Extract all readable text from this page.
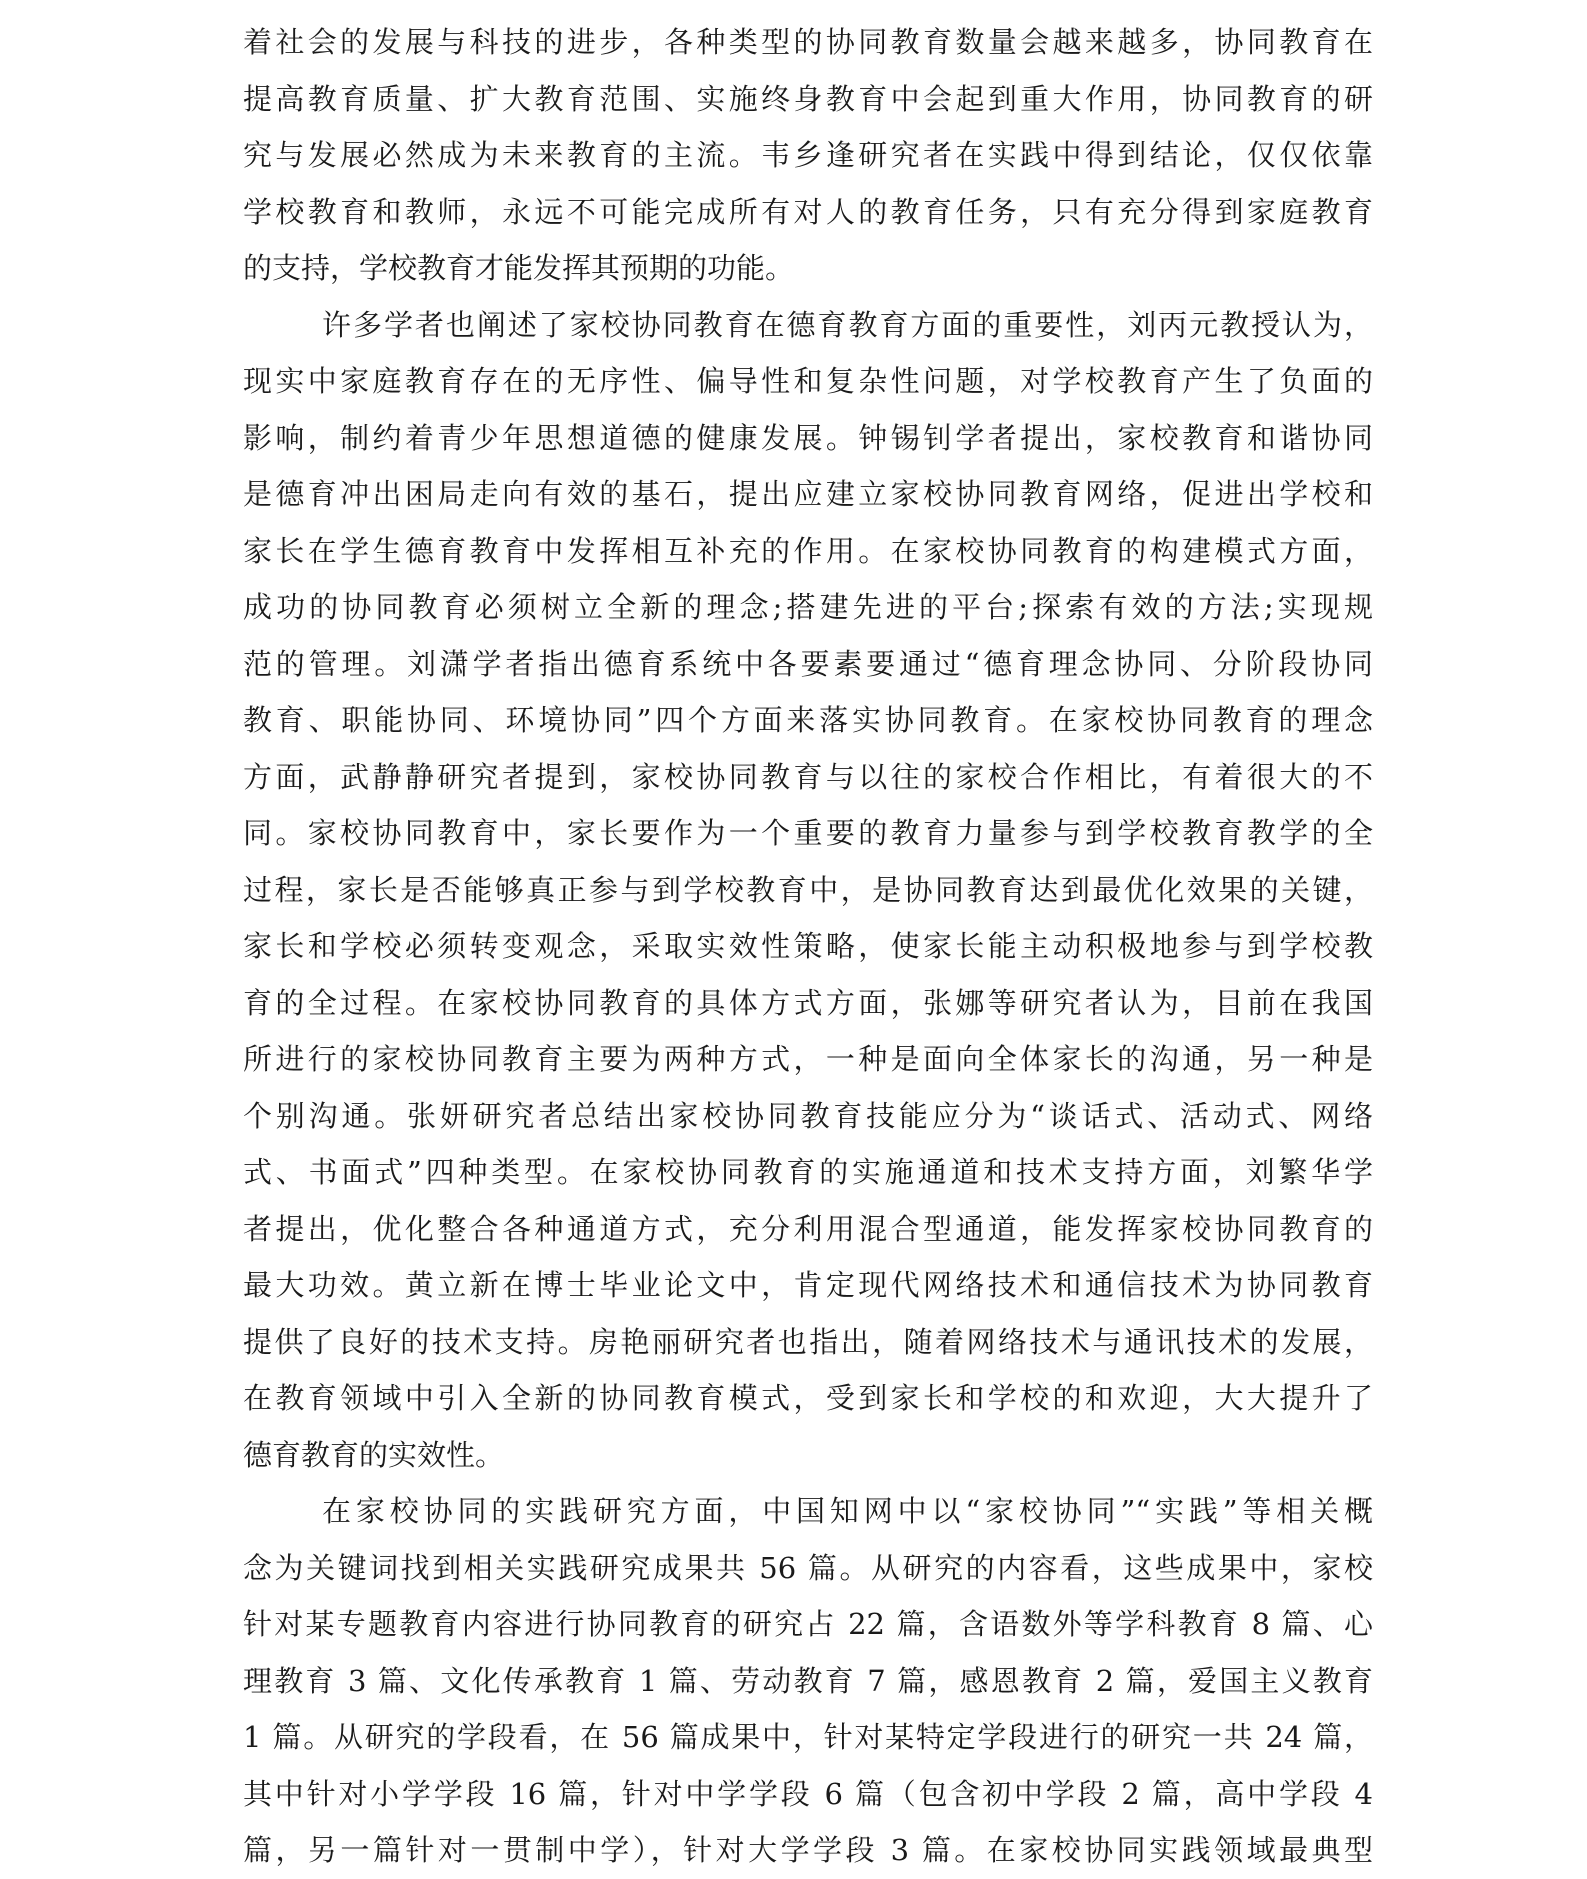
着社会的发展与科技的进步，各种类型的协同教育数量会越来越多，协同教育在
提高教育质量、扩大教育范围、实施终身教育中会起到重大作用，协同教育的研
究与发展必然成为未来教育的主流。韦乡逢研究者在实践中得到结论，仅仅依靠
学校教育和教师，永远不可能完成所有对人的教育任务，只有充分得到家庭教育
的支持，学校教育才能发挥其预期的功能。
许多学者也阐述了家校协同教育在德育教育方面的重要性，刘丙元教授认为，
现实中家庭教育存在的无序性、偏导性和复杂性问题，对学校教育产生了负面的
影响，制约着青少年思想道德的健康发展。钟锡钊学者提出，家校教育和谐协同
是德育冲出困局走向有效的基石，提出应建立家校协同教育网络，促进出学校和
家长在学生德育教育中发挥相互补充的作用。在家校协同教育的构建模式方面，
成功的协同教育必须树立全新的理念;搭建先进的平台;探索有效的方法;实现规
范的管理。刘潇学者指出德育系统中各要素要通过“德育理念协同、分阶段协同
教育、职能协同、环境协同”四个方面来落实协同教育。在家校协同教育的理念
方面，武静静研究者提到，家校协同教育与以往的家校合作相比，有着很大的不
同。家校协同教育中，家长要作为一个重要的教育力量参与到学校教育教学的全
过程，家长是否能够真正参与到学校教育中，是协同教育达到最优化效果的关键，
家长和学校必须转变观念，采取实效性策略，使家长能主动积极地参与到学校教
育的全过程。在家校协同教育的具体方式方面，张娜等研究者认为，目前在我国
所进行的家校协同教育主要为两种方式，一种是面向全体家长的沟通，另一种是
个别沟通。张妍研究者总结出家校协同教育技能应分为“谈话式、活动式、网络
式、书面式”四种类型。在家校协同教育的实施通道和技术支持方面，刘繁华学
者提出，优化整合各种通道方式，充分利用混合型通道，能发挥家校协同教育的
最大功效。黄立新在博士毕业论文中，肯定现代网络技术和通信技术为协同教育
提供了良好的技术支持。房艳丽研究者也指出，随着网络技术与通讯技术的发展，
在教育领域中引入全新的协同教育模式，受到家长和学校的和欢迎，大大提升了
德育教育的实效性。
在家校协同的实践研究方面，中国知网中以“家校协同”“实践”等相关概
念为关键词找到相关实践研究成果共 56 篇。从研究的内容看，这些成果中，家校
针对某专题教育内容进行协同教育的研究占 22 篇，含语数外等学科教育 8 篇、心
理教育 3 篇、文化传承教育 1 篇、劳动教育 7 篇，感恩教育 2 篇，爱国主义教育
1 篇。从研究的学段看，在 56 篇成果中，针对某特定学段进行的研究一共 24 篇，
其中针对小学学段 16 篇，针对中学学段 6 篇（包含初中学段 2 篇，高中学段 4
篇，另一篇针对一贯制中学），针对大学学段 3 篇。在家校协同实践领域最典型
